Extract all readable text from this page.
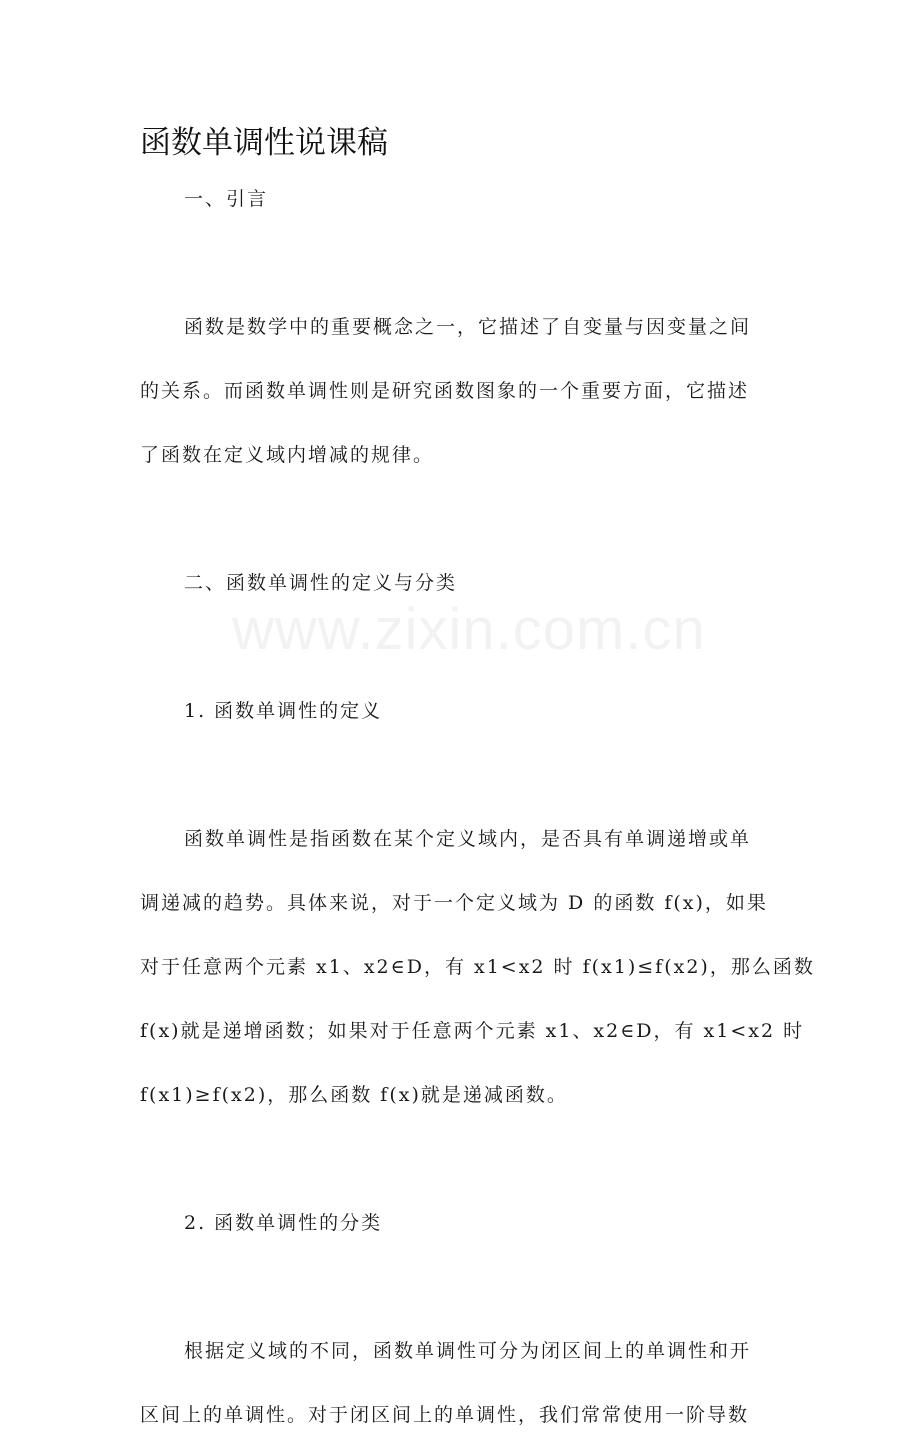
www.zixin.com.cn
函数单调性说课稿
一、引言
函数是数学中的重要概念之一，它描述了自变量与因变量之间
的关系。而函数单调性则是研究函数图象的一个重要方面，它描述
了函数在定义域内增减的规律。
二、函数单调性的定义与分类
1. 函数单调性的定义
函数单调性是指函数在某个定义域内，是否具有单调递增或单
调递减的趋势。具体来说，对于一个定义域为 D 的函数 f(x)，如果
对于任意两个元素 x1、x2∈D，有 x1<x2 时 f(x1)≤f(x2)，那么函数
f(x)就是递增函数；如果对于任意两个元素 x1、x2∈D，有 x1<x2 时
f(x1)≥f(x2)，那么函数 f(x)就是递减函数。
2. 函数单调性的分类
根据定义域的不同，函数单调性可分为闭区间上的单调性和开
区间上的单调性。对于闭区间上的单调性，我们常常使用一阶导数
